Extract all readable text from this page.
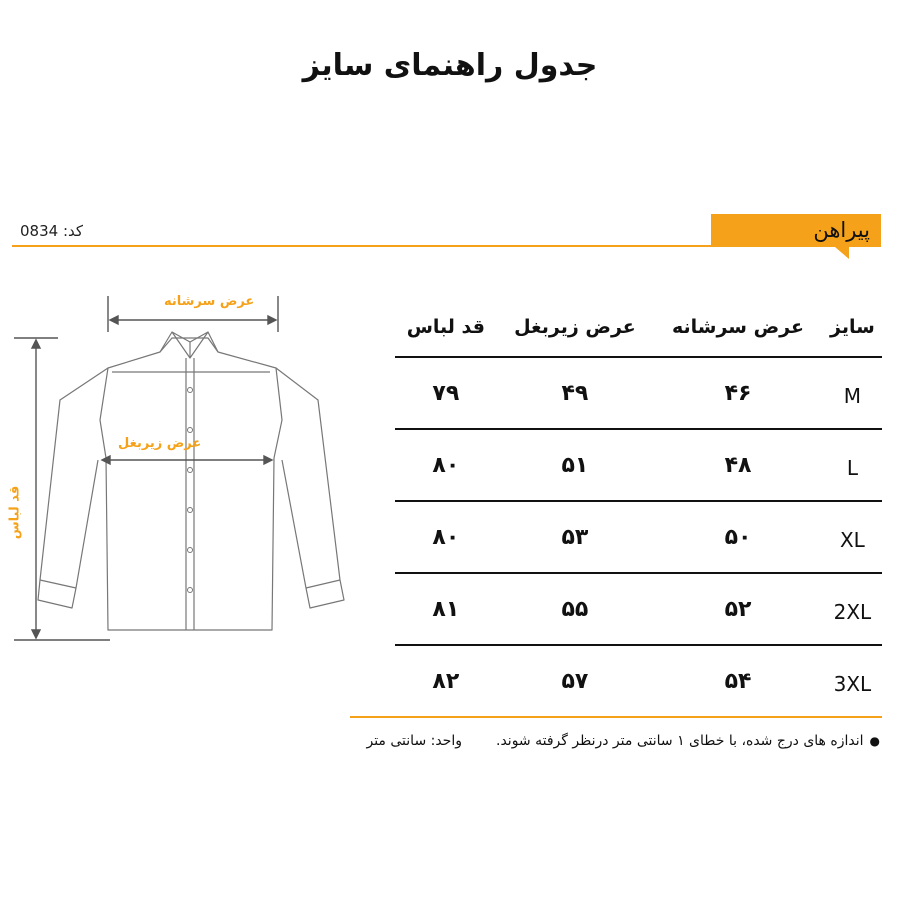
جدول راهنمای سایز
پیراهن
کد: 0834
عرض سرشانه
عرض زیربغل
قد لباس
سایز	عرض سرشانه	عرض زیربغل	قد لباس
M	۴۶	۴۹	۷۹
L	۴۸	۵۱	۸۰
XL	۵۰	۵۳	۸۰
2XL	۵۲	۵۵	۸۱
3XL	۵۴	۵۷	۸۲
●اندازه های درج شده، با خطای ۱ سانتی متر درنظر گرفته شوند.واحد: سانتی متر
